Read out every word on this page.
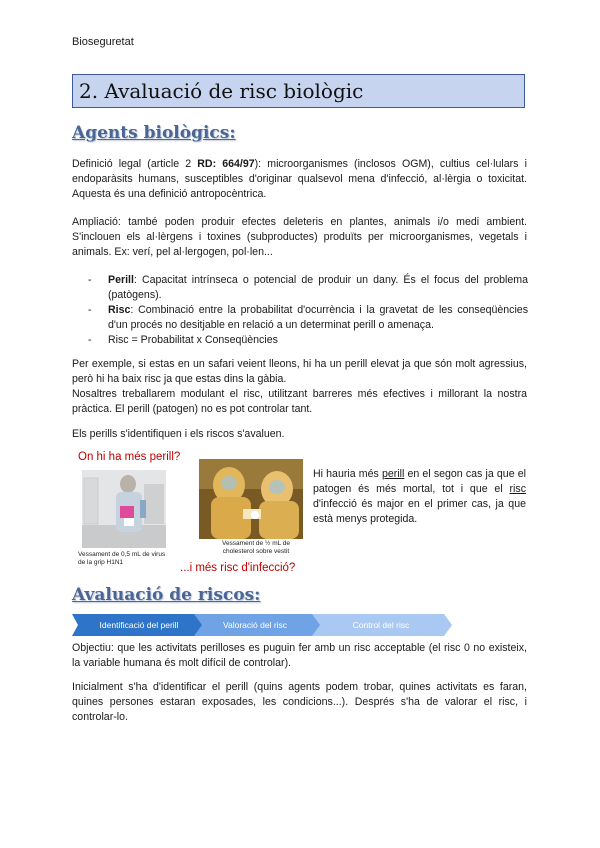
Bioseguretat
2. Avaluació de risc biològic
Agents biològics:

Definició legal (article 2 RD: 664/97): microorganismes (inclosos OGM), cultius cel·lulars i endoparàsits humans, susceptibles d'originar qualsevol mena d'infecció, al·lèrgia o toxicitat. Aquesta és una definició antropocèntrica.

Ampliació: també poden produir efectes deleteris en plantes, animals i/o medi ambient. S'inclouen els al·lèrgens i toxines (subproductes) produïts per microorganismes, vegetals i animals. Ex: verí, pel al·lergogen, pol·len...

- Perill: Capacitat intrínseca o potencial de produir un dany. És el focus del problema (patògens).
- Risc: Combinació entre la probabilitat d'ocurrència i la gravetat de les conseqüències d'un procés no desitjable en relació a un determinat perill o amenaça.
- Risc = Probabilitat x Conseqüències

Per exemple, si estas en un safari veient lleons, hi ha un perill elevat ja que són molt agressius, però hi ha baix risc ja que estas dins la gàbia.

Nosaltres treballarem modulant el risc, utilitzant barreres més efectives i millorant la nostra pràctica. El perill (patogen) no es pot controlar tant.

Els perills s'identifiquen i els riscos s'avaluen.

On hi ha més perill?
Vessament de 0,5 mL de virus de la grip H1N1
Vessament de ½ mL de cholesterol sobre vestit
...i més risc d'infecció?

Hi hauria més perill en el segon cas ja que el patogen és més mortal, tot i que el risc d'infecció és major en el primer cas, ja que està menys protegida.

Avaluació de riscos:
Identificació del perill	Valoració del risc	Control del risc

Objectiu: que les activitats perilloses es puguin fer amb un risc acceptable (el risc 0 no existeix, la variable humana és molt difícil de controlar).

Inicialment s'ha d'identificar el perill (quins agents podem trobar, quines activitats es faran, quines persones estaran exposades, les condicions...). Després s'ha de valorar el risc, i controlar-lo.
